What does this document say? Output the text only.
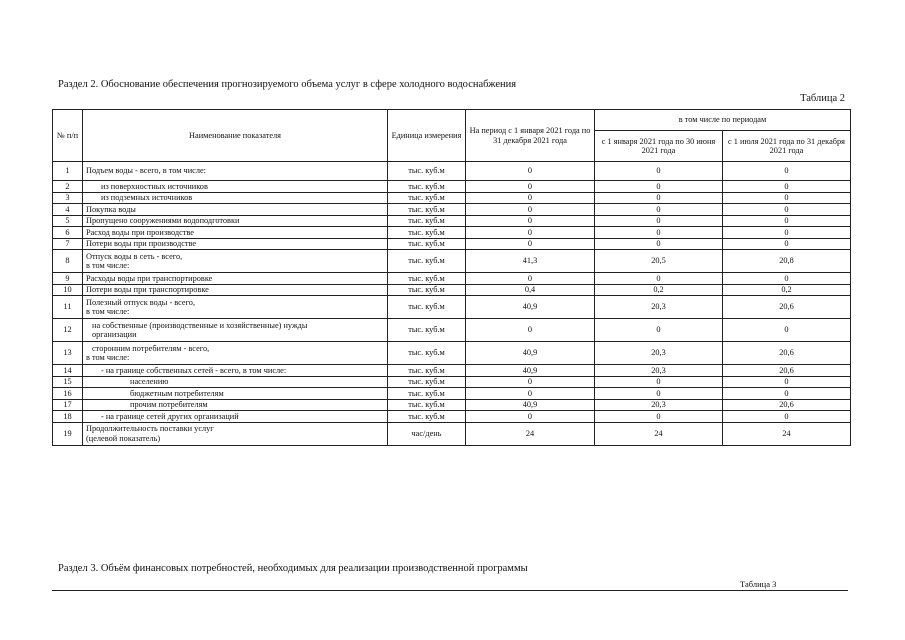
Раздел 2. Обоснование обеспечения прогнозируемого объема услуг в сфере холодного водоснабжения
Таблица 2
№ п/п	Наименование показателя	Единица измерения	На период с 1 января 2021 года по 31 декабря 2021 года	в том числе по периодам	
				с 1 января 2021 года по 30 июня 2021 года	с 1 июля 2021 года по 31 декабря 2021 года
1	Подъем воды - всего, в том числе:	тыс. куб.м	0	0	0
2	из поверхностных источников	тыс. куб.м	0	0	0
3	из подземных источников	тыс. куб.м	0	0	0
4	Покупка воды	тыс. куб.м	0	0	0
5	Пропущено сооружениями водоподготовки	тыс. куб.м	0	0	0
6	Расход воды при производстве	тыс. куб.м	0	0	0
7	Потери воды при производстве	тыс. куб.м	0	0	0
8	Отпуск воды в сеть - всего,
в том числе:	тыс. куб.м	41,3	20,5	20,8
9	Расходы воды при транспортировке	тыс. куб.м	0	0	0
10	Потери воды при транспортировке	тыс. куб.м	0,4	0,2	0,2
11	Полезный отпуск воды - всего,
в том числе:	тыс. куб.м	40,9	20,3	20,6
12	на собственные (производственные и хозяйственные) нужды
организации	тыс. куб.м	0	0	0
13	сторонним потребителям - всего,
в том числе:	тыс. куб.м	40,9	20,3	20,6
14	- на границе собственных сетей - всего, в том числе:	тыс. куб.м	40,9	20,3	20,6
15	населению	тыс. куб.м	0	0	0
16	бюджетным потребителям	тыс. куб.м	0	0	0
17	прочим потребителям	тыс. куб.м	40,9	20,3	20,6
18	- на границе сетей других организаций	тыс. куб.м	0	0	0
19	Продолжительность поставки услуг
(целевой показатель)	час/день	24	24	24
Раздел 3. Объём финансовых потребностей, необходимых для реализации производственной программы
Таблица 3
